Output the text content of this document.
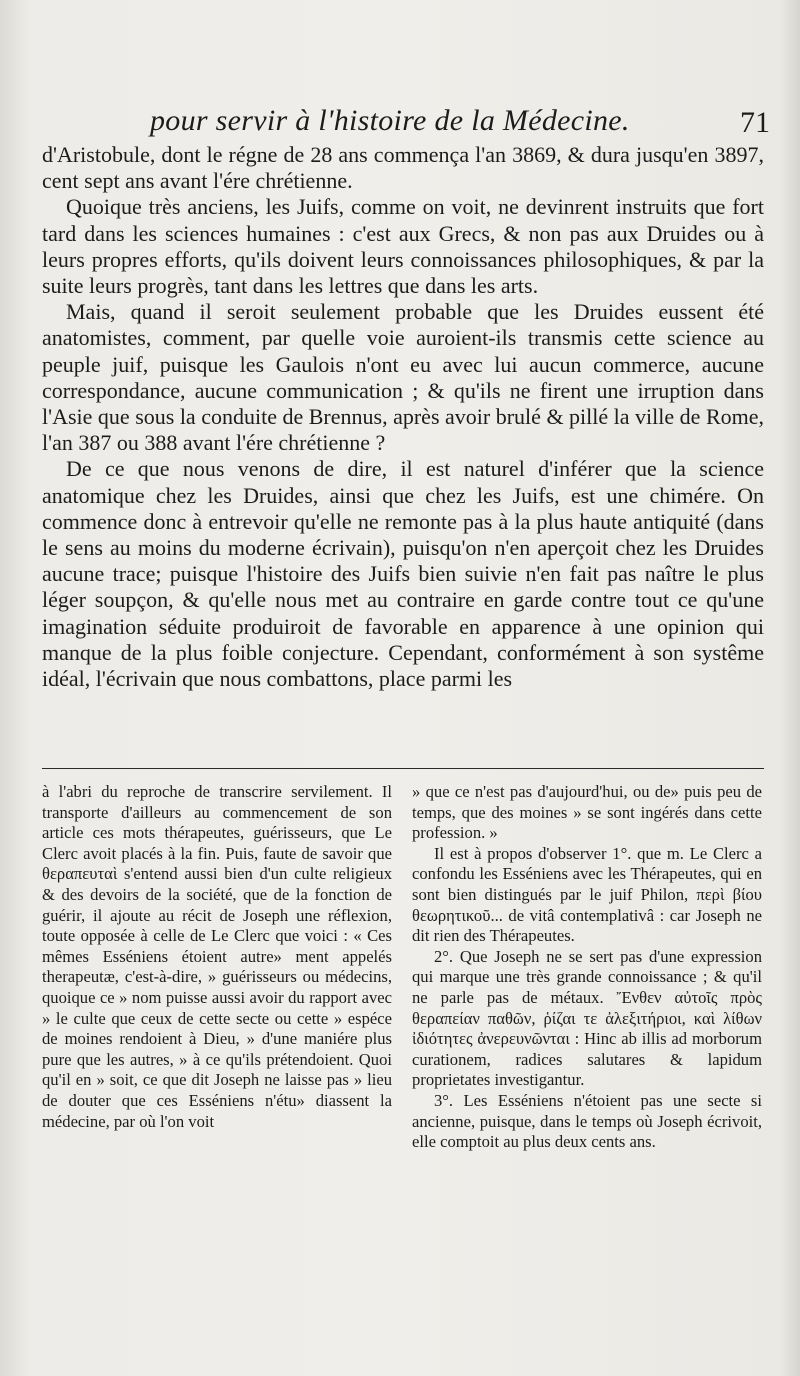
pour servir à l'histoire de la Médecine.	71

d'Aristobule, dont le régne de 28 ans commença l'an 3869, & dura jusqu'en 3897, cent sept ans avant l'ére chrétienne.

Quoique très anciens, les Juifs, comme on voit, ne devinrent instruits que fort tard dans les sciences humaines : c'est aux Grecs, & non pas aux Druides ou à leurs propres efforts, qu'ils doivent leurs connoissances philosophiques, & par la suite leurs progrès, tant dans les lettres que dans les arts.

Mais, quand il seroit seulement probable que les Druides eussent été anatomistes, comment, par quelle voie auroient-ils transmis cette science au peuple juif, puisque les Gaulois n'ont eu avec lui aucun commerce, aucune correspondance, aucune communication ; & qu'ils ne firent une irruption dans l'Asie que sous la conduite de Brennus, après avoir brulé & pillé la ville de Rome, l'an 387 ou 388 avant l'ére chrétienne ?

De ce que nous venons de dire, il est naturel d'inférer que la science anatomique chez les Druides, ainsi que chez les Juifs, est une chimére. On commence donc à entrevoir qu'elle ne remonte pas à la plus haute antiquité (dans le sens au moins du moderne écrivain), puisqu'on n'en aperçoit chez les Druides aucune trace; puisque l'histoire des Juifs bien suivie n'en fait pas naître le plus léger soupçon, & qu'elle nous met au contraire en garde contre tout ce qu'une imagination séduite produiroit de favorable en apparence à une opinion qui manque de la plus foible conjecture. Cependant, conformément à son systême idéal, l'écrivain que nous combattons, place parmi les

à l'abri du reproche de transcrire servilement. Il transporte d'ailleurs au commencement de son article ces mots thérapeutes, guérisseurs, que Le Clerc avoit placés à la fin. Puis, faute de savoir que θεραπευταὶ s'entend aussi bien d'un culte religieux & des devoirs de la société, que de la fonction de guérir, il ajoute au récit de Joseph une réflexion, toute opposée à celle de Le Clerc que voici : « Ces mêmes Esséniens étoient autre» ment appelés therapeutæ, c'est-à-dire, » guérisseurs ou médecins, quoique ce » nom puisse aussi avoir du rapport avec » le culte que ceux de cette secte ou cette » espéce de moines rendoient à Dieu, » d'une maniére plus pure que les autres, » à ce qu'ils prétendoient. Quoi qu'il en » soit, ce que dit Joseph ne laisse pas » lieu de douter que ces Esséniens n'étu» diassent la médecine, par où l'on voit

» que ce n'est pas d'aujourd'hui, ou de» puis peu de temps, que des moines » se sont ingérés dans cette profession. »

Il est à propos d'observer 1°. que m. Le Clerc a confondu les Esséniens avec les Thérapeutes, qui en sont bien distingués par le juif Philon, περὶ βίου θεωρητικοῦ... de vitâ contemplativâ : car Joseph ne dit rien des Thérapeutes.

2°. Que Joseph ne se sert pas d'une expression qui marque une très grande connoissance ; & qu'il ne parle pas de métaux. Ἔνθεν αὐτοῖς πρὸς θεραπείαν παθῶν, ῥίζαι τε ἀλεξιτήριοι, καὶ λίθων ἰδιότητες ἀνερευνῶνται : Hinc ab illis ad morborum curationem, radices salutares & lapidum proprietates investigantur.

3°. Les Esséniens n'étoient pas une secte si ancienne, puisque, dans le temps où Joseph écrivoit, elle comptoit au plus deux cents ans.
